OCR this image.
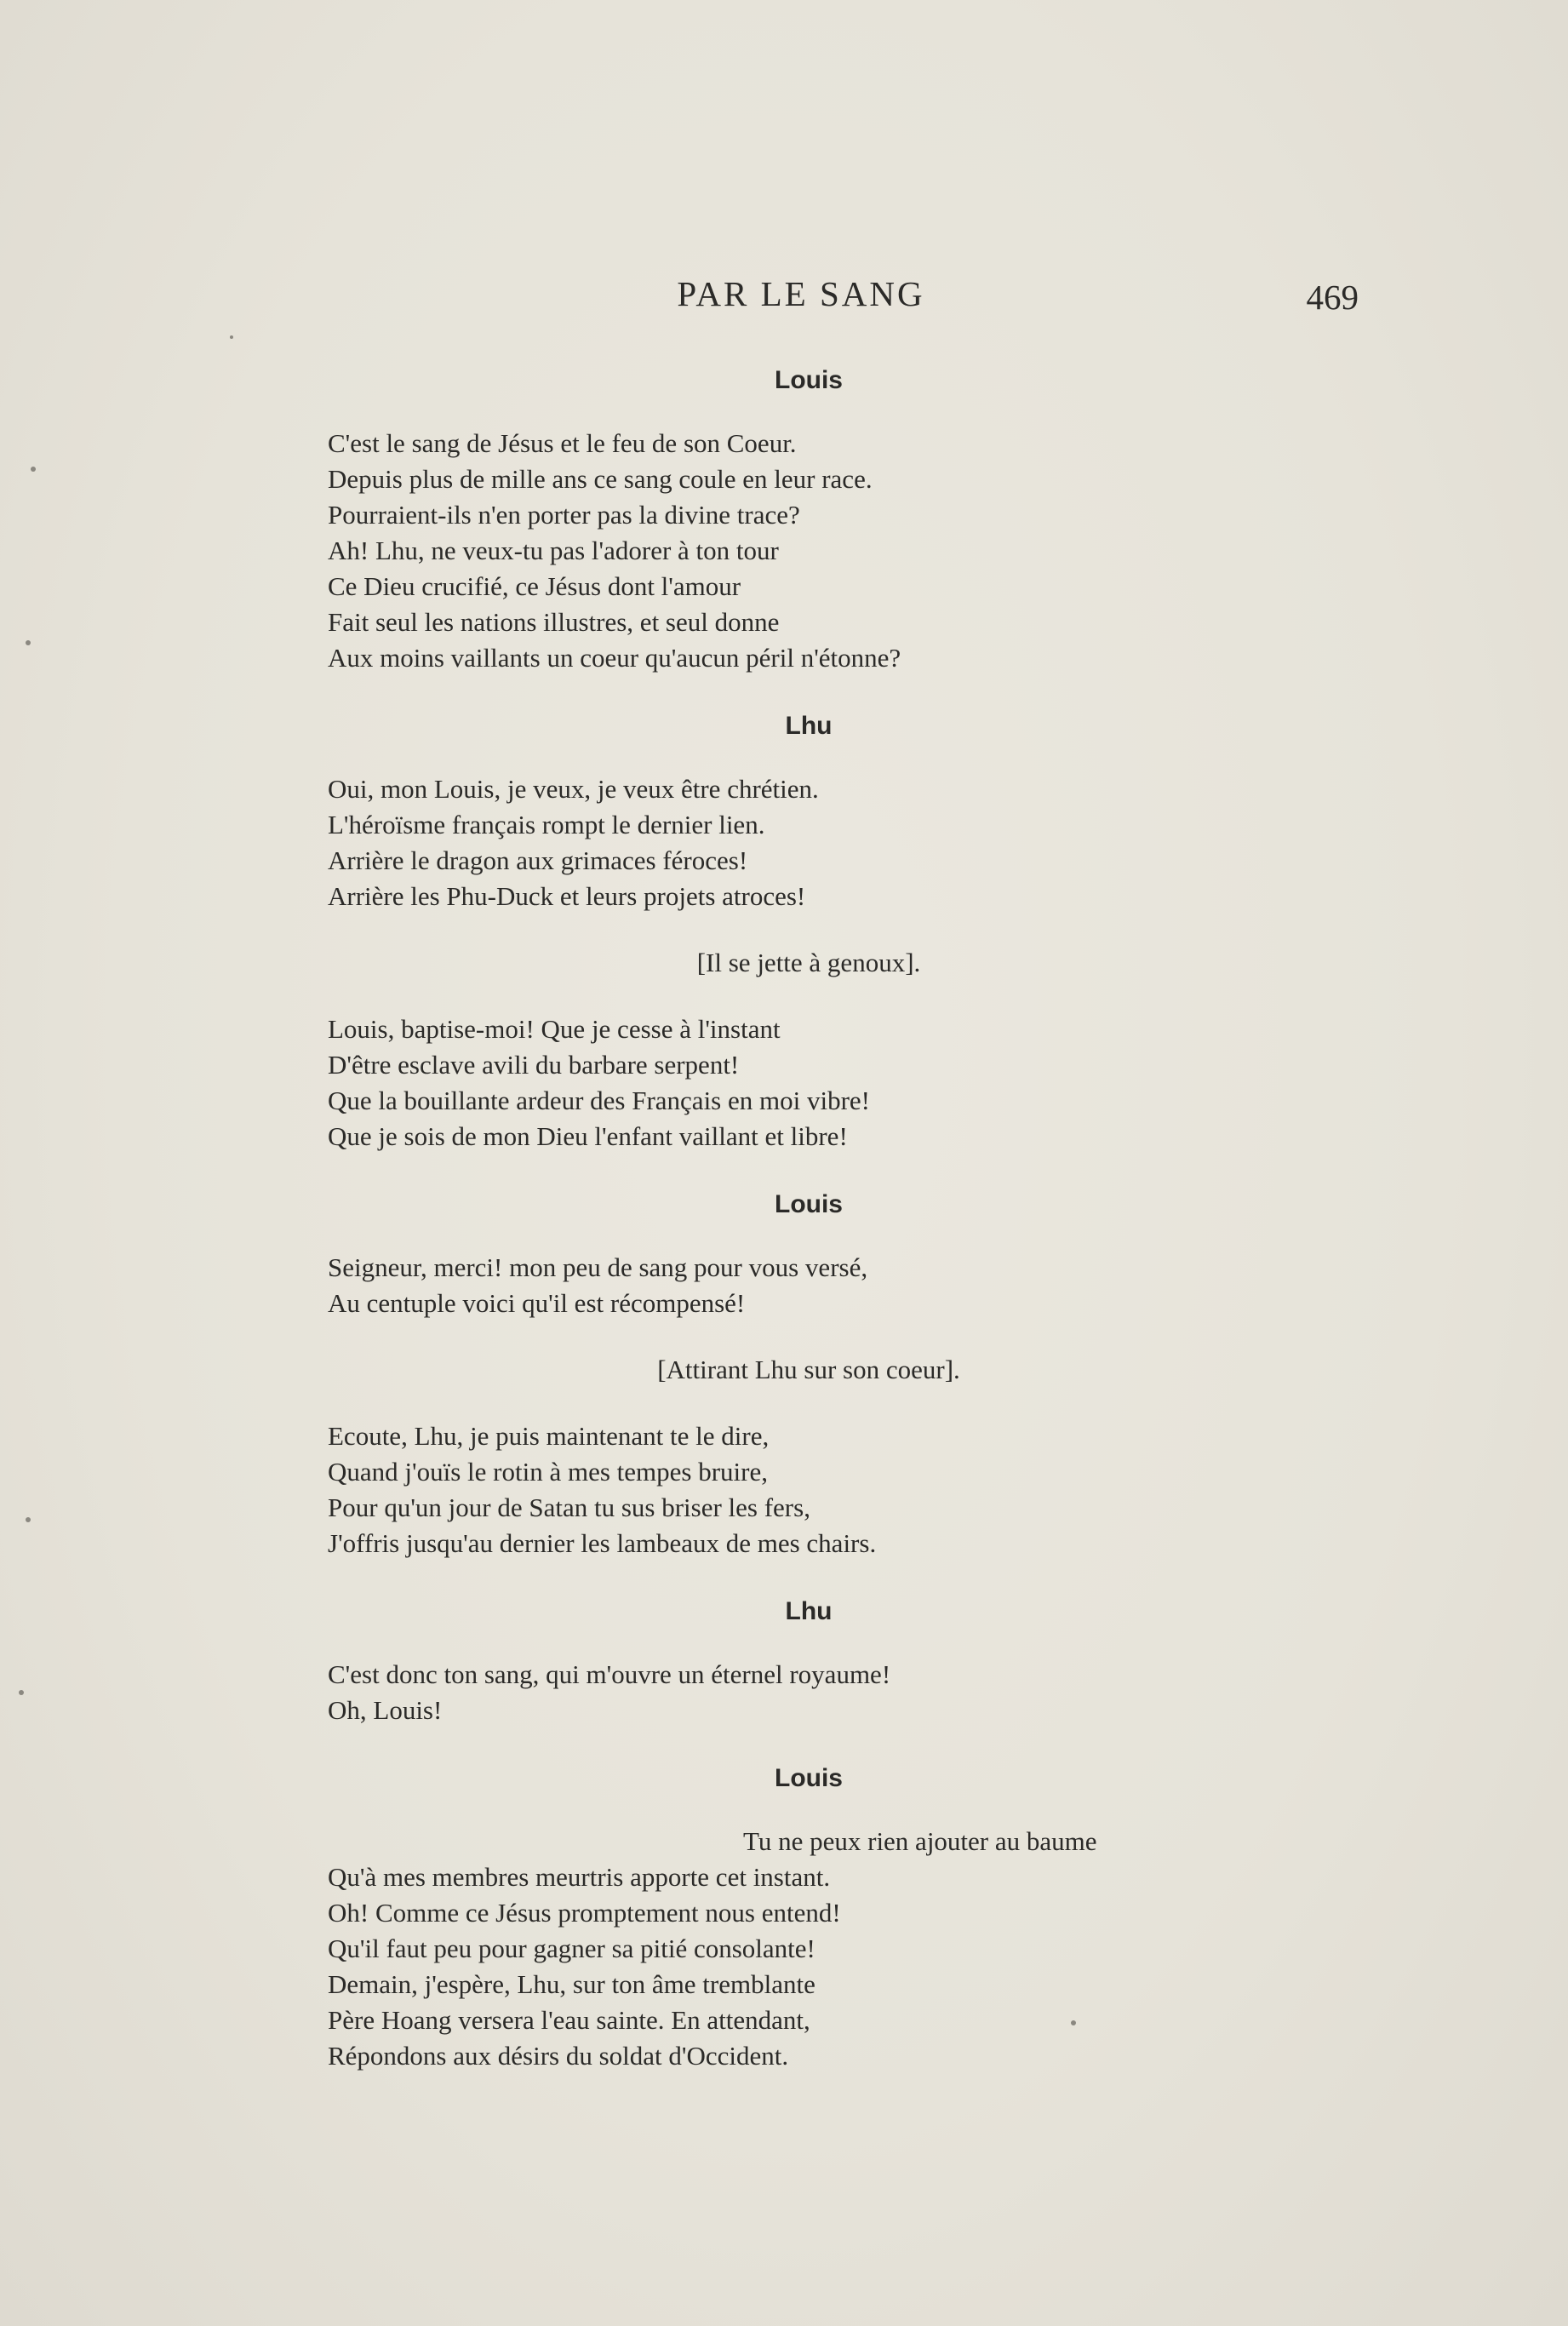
PAR LE SANG	469
Louis

C'est le sang de Jésus et le feu de son Coeur.

Depuis plus de mille ans ce sang coule en leur race.

Pourraient-ils n'en porter pas la divine trace?

Ah! Lhu, ne veux-tu pas l'adorer à ton tour

Ce Dieu crucifié, ce Jésus dont l'amour

Fait seul les nations illustres, et seul donne

Aux moins vaillants un coeur qu'aucun péril n'étonne?

Lhu

Oui, mon Louis, je veux, je veux être chrétien.

L'héroïsme français rompt le dernier lien.

Arrière le dragon aux grimaces féroces!

Arrière les Phu-Duck et leurs projets atroces!

[Il se jette à genoux].

Louis, baptise-moi! Que je cesse à l'instant

D'être esclave avili du barbare serpent!

Que la bouillante ardeur des Français en moi vibre!

Que je sois de mon Dieu l'enfant vaillant et libre!

Louis

Seigneur, merci! mon peu de sang pour vous versé,

Au centuple voici qu'il est récompensé!

[Attirant Lhu sur son coeur].

Ecoute, Lhu, je puis maintenant te le dire,

Quand j'ouïs le rotin à mes tempes bruire,

Pour qu'un jour de Satan tu sus briser les fers,

J'offris jusqu'au dernier les lambeaux de mes chairs.

Lhu

C'est donc ton sang, qui m'ouvre un éternel royaume!

Oh, Louis!

Louis

Tu ne peux rien ajouter au baume

Qu'à mes membres meurtris apporte cet instant.

Oh! Comme ce Jésus promptement nous entend!

Qu'il faut peu pour gagner sa pitié consolante!

Demain, j'espère, Lhu, sur ton âme tremblante

Père Hoang versera l'eau sainte. En attendant,

Répondons aux désirs du soldat d'Occident.
